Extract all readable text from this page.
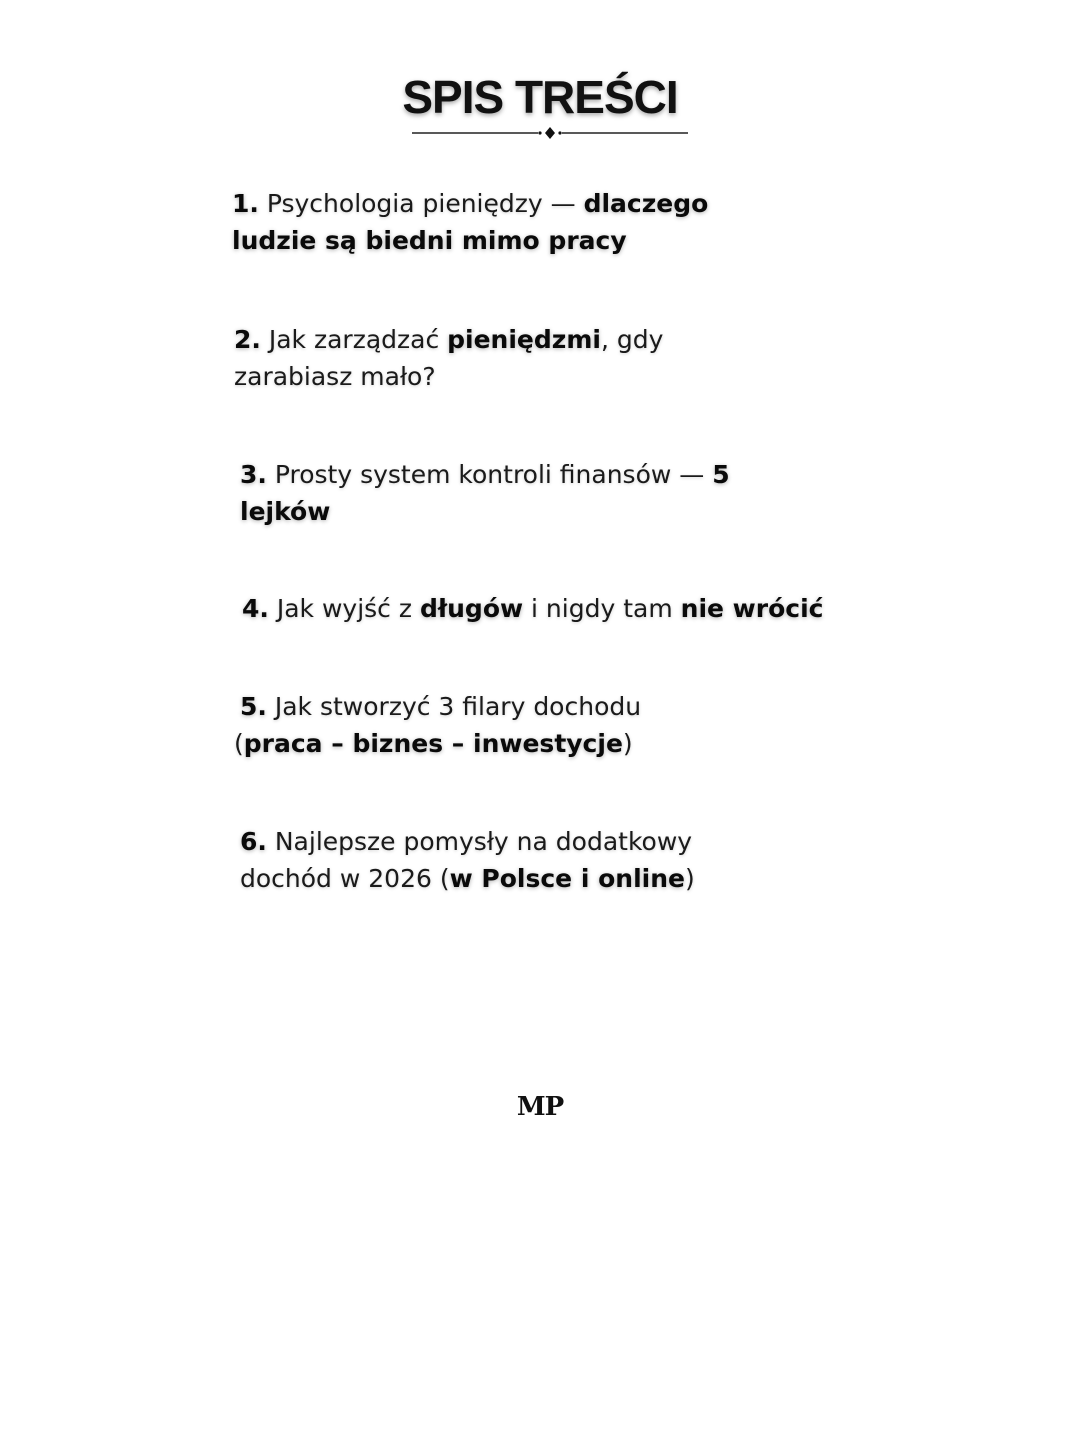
SPIS TREŚCI
1. Psychologia pieniędzy — dlaczego
ludzie są biedni mimo pracy
2. Jak zarządzać pieniędzmi, gdy
zarabiasz mało?
3. Prosty system kontroli finansów — 5
lejków
4. Jak wyjść z długów i nigdy tam nie wrócić
5. Jak stworzyć 3 filary dochodu
(praca – biznes – inwestycje)
6. Najlepsze pomysły na dodatkowy
dochód w 2026 (w Polsce i online)
MP
